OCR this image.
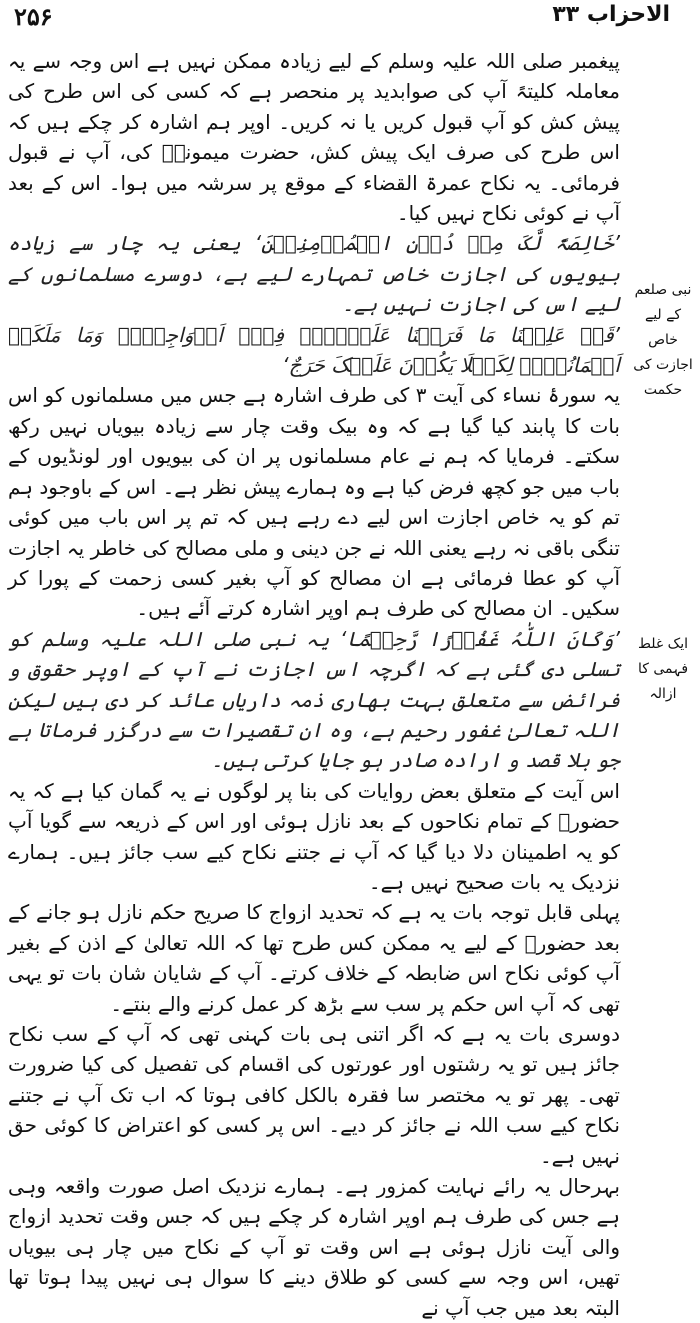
۲۵۶	الاحزاب ۳۳
نبی صلعم کے لیے خاص اجازت کی حکمت
ایک غلط فہمی کا ازالہ

پیغمبر صلی اللہ علیہ وسلم کے لیے زیادہ ممکن نہیں ہے اس وجہ سے یہ معاملہ کلیتہً آپ کی صوابدید پر منحصر ہے کہ کسی کی اس طرح کی پیش کش کو آپ قبول کریں یا نہ کریں۔ اوپر ہم اشارہ کر چکے ہیں کہ اس طرح کی صرف ایک پیش کش، حضرت میمونہؓ کی، آپ نے قبول فرمائی۔ یہ نکاح عمرۃ القضاء کے موقع پر سرشہ میں ہوا۔ اس کے بعد آپ نے کوئی نکاح نہیں کیا۔

’خَالِصَۃً لَّکَ مِنۡ دُوۡنِ الۡمُؤۡمِنِیۡنَ‘ یعنی یہ چار سے زیادہ بیویوں کی اجازت خاص تمہارے لیے ہے، دوسرے مسلمانوں کے لیے اس کی اجازت نہیں ہے۔

’قَدۡ عَلِمۡنَا مَا فَرَضۡنَا عَلَیۡہِمۡ فِیۡۤ اَزۡوَاجِہِمۡ وَمَا مَلَکَتۡ اَیۡمَانُہُمۡ لِکَیۡلَا یَکُوۡنَ عَلَیۡکَ حَرَجٌ‘

یہ سورۂ نساء کی آیت ۳ کی طرف اشارہ ہے جس میں مسلمانوں کو اس بات کا پابند کیا گیا ہے کہ وہ بیک وقت چار سے زیادہ بیویاں نہیں رکھ سکتے۔ فرمایا کہ ہم نے عام مسلمانوں پر ان کی بیویوں اور لونڈیوں کے باب میں جو کچھ فرض کیا ہے وہ ہمارے پیش نظر ہے۔ اس کے باوجود ہم تم کو یہ خاص اجازت اس لیے دے رہے ہیں کہ تم پر اس باب میں کوئی تنگی باقی نہ رہے یعنی اللہ نے جن دینی و ملی مصالح کی خاطر یہ اجازت آپ کو عطا فرمائی ہے ان مصالح کو آپ بغیر کسی زحمت کے پورا کر سکیں۔ ان مصالح کی طرف ہم اوپر اشارہ کرتے آئے ہیں۔

’وَکَانَ اللّٰہُ غَفُوۡرًا رَّحِیۡمًا‘ یہ نبی صلی اللہ علیہ وسلم کو تسلی دی گئی ہے کہ اگرچہ اس اجازت نے آپ کے اوپر حقوق و فرائض سے متعلق بہت بھاری ذمہ داریاں عائد کر دی ہیں لیکن اللہ تعالیٰ غفور رحیم ہے، وہ ان تقصیرات سے درگزر فرماتا ہے جو بلا قصد و ارادہ صادر ہو جایا کرتی ہیں۔

اس آیت کے متعلق بعض روایات کی بنا پر لوگوں نے یہ گمان کیا ہے کہ یہ حضورؐ کے تمام نکاحوں کے بعد نازل ہوئی اور اس کے ذریعہ سے گویا آپ کو یہ اطمینان دلا دیا گیا کہ آپ نے جتنے نکاح کیے سب جائز ہیں۔ ہمارے نزدیک یہ بات صحیح نہیں ہے۔

پہلی قابل توجہ بات یہ ہے کہ تحدید ازواج کا صریح حکم نازل ہو جانے کے بعد حضورؐ کے لیے یہ ممکن کس طرح تھا کہ اللہ تعالیٰ کے اذن کے بغیر آپ کوئی نکاح اس ضابطہ کے خلاف کرتے۔ آپ کے شایان شان بات تو یہی تھی کہ آپ اس حکم پر سب سے بڑھ کر عمل کرنے والے بنتے۔

دوسری بات یہ ہے کہ اگر اتنی ہی بات کہنی تھی کہ آپ کے سب نکاح جائز ہیں تو یہ رشتوں اور عورتوں کی اقسام کی تفصیل کی کیا ضرورت تھی۔ پھر تو یہ مختصر سا فقرہ بالکل کافی ہوتا کہ اب تک آپ نے جتنے نکاح کیے سب اللہ نے جائز کر دیے۔ اس پر کسی کو اعتراض کا کوئی حق نہیں ہے۔

بہرحال یہ رائے نہایت کمزور ہے۔ ہمارے نزدیک اصل صورت واقعہ وہی ہے جس کی طرف ہم اوپر اشارہ کر چکے ہیں کہ جس وقت تحدید ازواج والی آیت نازل ہوئی ہے اس وقت تو آپ کے نکاح میں چار ہی بیویاں تھیں، اس وجہ سے کسی کو طلاق دینے کا سوال ہی نہیں پیدا ہوتا تھا البتہ بعد میں جب آپ نے
